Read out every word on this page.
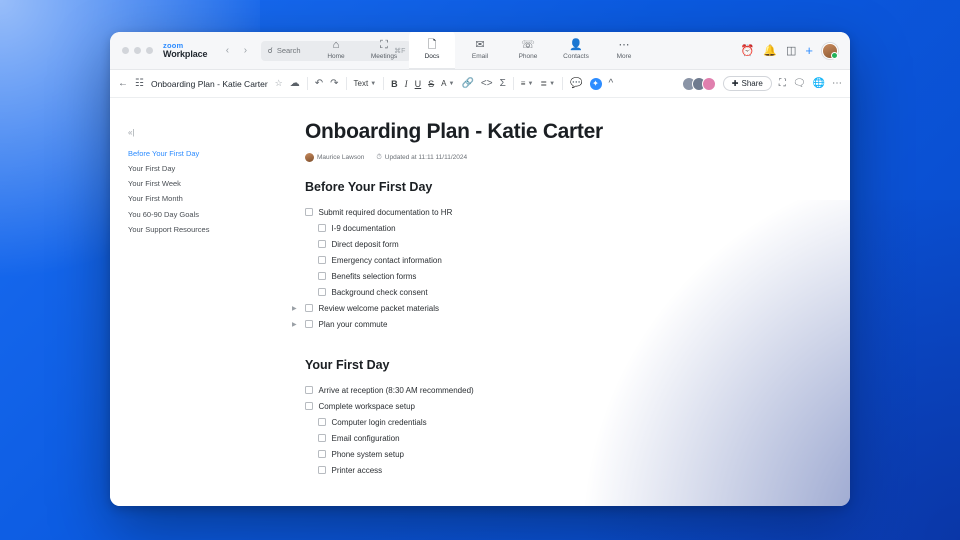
zoom
Workplace	‹	›	☌ Search	⌘F
⌂
Home
⛶
Meetings
🗋
Docs
✉
Email
☏
Phone
👤
Contacts
⋯
More	⏰ 🔔 ◫ +
← ☷ Onboarding Plan - Katie Carter ☆ ☁ ↶ ↷ Text ▼ B I U S A ▼ 🔗 <> Σ ≡ ▼ ≣ ▼ 💬	✦ ^	✚ Share ⛶ 🗨 🌐 ⋯
«|
Before Your First Day
Your First Day
Your First Week
Your First Month
You 60-90 Day Goals
Your Support Resources
Onboarding Plan - Katie Carter
Maurice Lawson ⏱ Updated at 11:11 11/11/2024
Before Your First Day
Submit required documentation to HR
I-9 documentation
Direct deposit form
Emergency contact information
Benefits selection forms
Background check consent
▶	Review welcome packet materials
▶	Plan your commute
Your First Day
Arrive at reception (8:30 AM recommended)
Complete workspace setup
Computer login credentials
Email configuration
Phone system setup
Printer access
